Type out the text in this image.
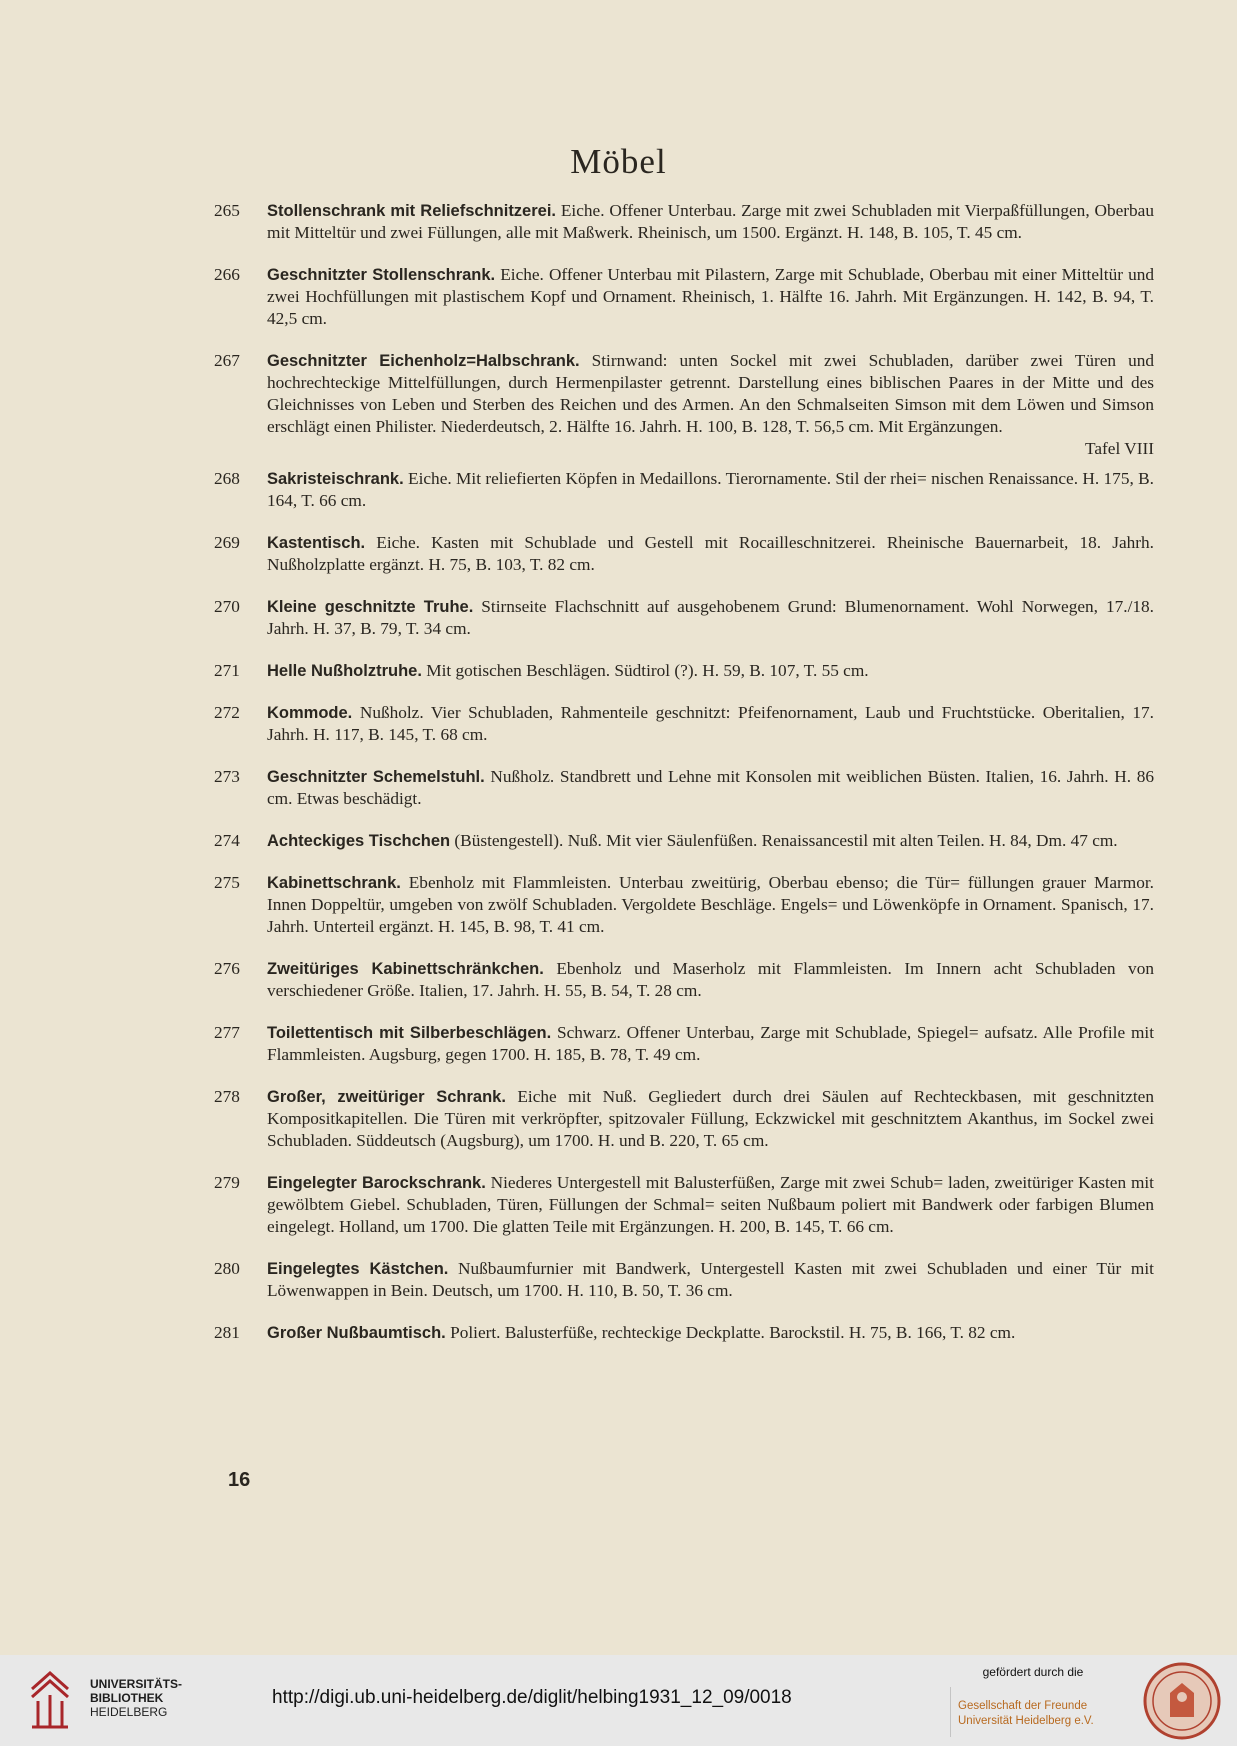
Möbel
265	Stollenschrank mit Reliefschnitzerei. Eiche. Offener Unterbau. Zarge mit zwei Schubladen mit Vierpaßfüllungen, Oberbau mit Mitteltür und zwei Füllungen, alle mit Maßwerk. Rheinisch, um 1500. Ergänzt. H. 148, B. 105, T. 45 cm.
266	Geschnitzter Stollenschrank. Eiche. Offener Unterbau mit Pilastern, Zarge mit Schublade, Oberbau mit einer Mitteltür und zwei Hochfüllungen mit plastischem Kopf und Ornament. Rheinisch, 1. Hälfte 16. Jahrh. Mit Ergänzungen. H. 142, B. 94, T. 42,5 cm.
267	Geschnitzter Eichenholz=Halbschrank. Stirnwand: unten Sockel mit zwei Schubladen, darüber zwei Türen und hochrechteckige Mittelfüllungen, durch Hermenpilaster getrennt. Darstellung eines biblischen Paares in der Mitte und des Gleichnisses von Leben und Sterben des Reichen und des Armen. An den Schmalseiten Simson mit dem Löwen und Simson erschlägt einen Philister. Niederdeutsch, 2. Hälfte 16. Jahrh. H. 100, B. 128, T. 56,5 cm. Mit Ergänzungen.
Tafel VIII
268	Sakristeischrank. Eiche. Mit reliefierten Köpfen in Medaillons. Tierornamente. Stil der rhei= nischen Renaissance. H. 175, B. 164, T. 66 cm.
269	Kastentisch. Eiche. Kasten mit Schublade und Gestell mit Rocailleschnitzerei. Rheinische Bauernarbeit, 18. Jahrh. Nußholzplatte ergänzt. H. 75, B. 103, T. 82 cm.
270	Kleine geschnitzte Truhe. Stirnseite Flachschnitt auf ausgehobenem Grund: Blumenornament. Wohl Norwegen, 17./18. Jahrh. H. 37, B. 79, T. 34 cm.
271	Helle Nußholztruhe. Mit gotischen Beschlägen. Südtirol (?). H. 59, B. 107, T. 55 cm.
272	Kommode. Nußholz. Vier Schubladen, Rahmenteile geschnitzt: Pfeifenornament, Laub und Fruchtstücke. Oberitalien, 17. Jahrh. H. 117, B. 145, T. 68 cm.
273	Geschnitzter Schemelstuhl. Nußholz. Standbrett und Lehne mit Konsolen mit weiblichen Büsten. Italien, 16. Jahrh. H. 86 cm. Etwas beschädigt.
274	Achteckiges Tischchen (Büstengestell). Nuß. Mit vier Säulenfüßen. Renaissancestil mit alten Teilen. H. 84, Dm. 47 cm.
275	Kabinettschrank. Ebenholz mit Flammleisten. Unterbau zweitürig, Oberbau ebenso; die Tür= füllungen grauer Marmor. Innen Doppeltür, umgeben von zwölf Schubladen. Vergoldete Beschläge. Engels= und Löwenköpfe in Ornament. Spanisch, 17. Jahrh. Unterteil ergänzt. H. 145, B. 98, T. 41 cm.
276	Zweitüriges Kabinettschränkchen. Ebenholz und Maserholz mit Flammleisten. Im Innern acht Schubladen von verschiedener Größe. Italien, 17. Jahrh. H. 55, B. 54, T. 28 cm.
277	Toilettentisch mit Silberbeschlägen. Schwarz. Offener Unterbau, Zarge mit Schublade, Spiegel= aufsatz. Alle Profile mit Flammleisten. Augsburg, gegen 1700. H. 185, B. 78, T. 49 cm.
278	Großer, zweitüriger Schrank. Eiche mit Nuß. Gegliedert durch drei Säulen auf Rechteckbasen, mit geschnitzten Kompositkapitellen. Die Türen mit verkröpfter, spitzovaler Füllung, Eckzwickel mit geschnitztem Akanthus, im Sockel zwei Schubladen. Süddeutsch (Augsburg), um 1700. H. und B. 220, T. 65 cm.
279	Eingelegter Barockschrank. Niederes Untergestell mit Balusterfüßen, Zarge mit zwei Schub= laden, zweitüriger Kasten mit gewölbtem Giebel. Schubladen, Türen, Füllungen der Schmal= seiten Nußbaum poliert mit Bandwerk oder farbigen Blumen eingelegt. Holland, um 1700. Die glatten Teile mit Ergänzungen. H. 200, B. 145, T. 66 cm.
280	Eingelegtes Kästchen. Nußbaumfurnier mit Bandwerk, Untergestell Kasten mit zwei Schubladen und einer Tür mit Löwenwappen in Bein. Deutsch, um 1700. H. 110, B. 50, T. 36 cm.
281	Großer Nußbaumtisch. Poliert. Balusterfüße, rechteckige Deckplatte. Barockstil. H. 75, B. 166, T. 82 cm.
16
UNIVERSITÄTS-
BIBLIOTHEK
HEIDELBERG
http://digi.ub.uni-heidelberg.de/diglit/helbing1931_12_09/0018
gefördert durch die
Gesellschaft der Freunde
Universität Heidelberg e.V.
